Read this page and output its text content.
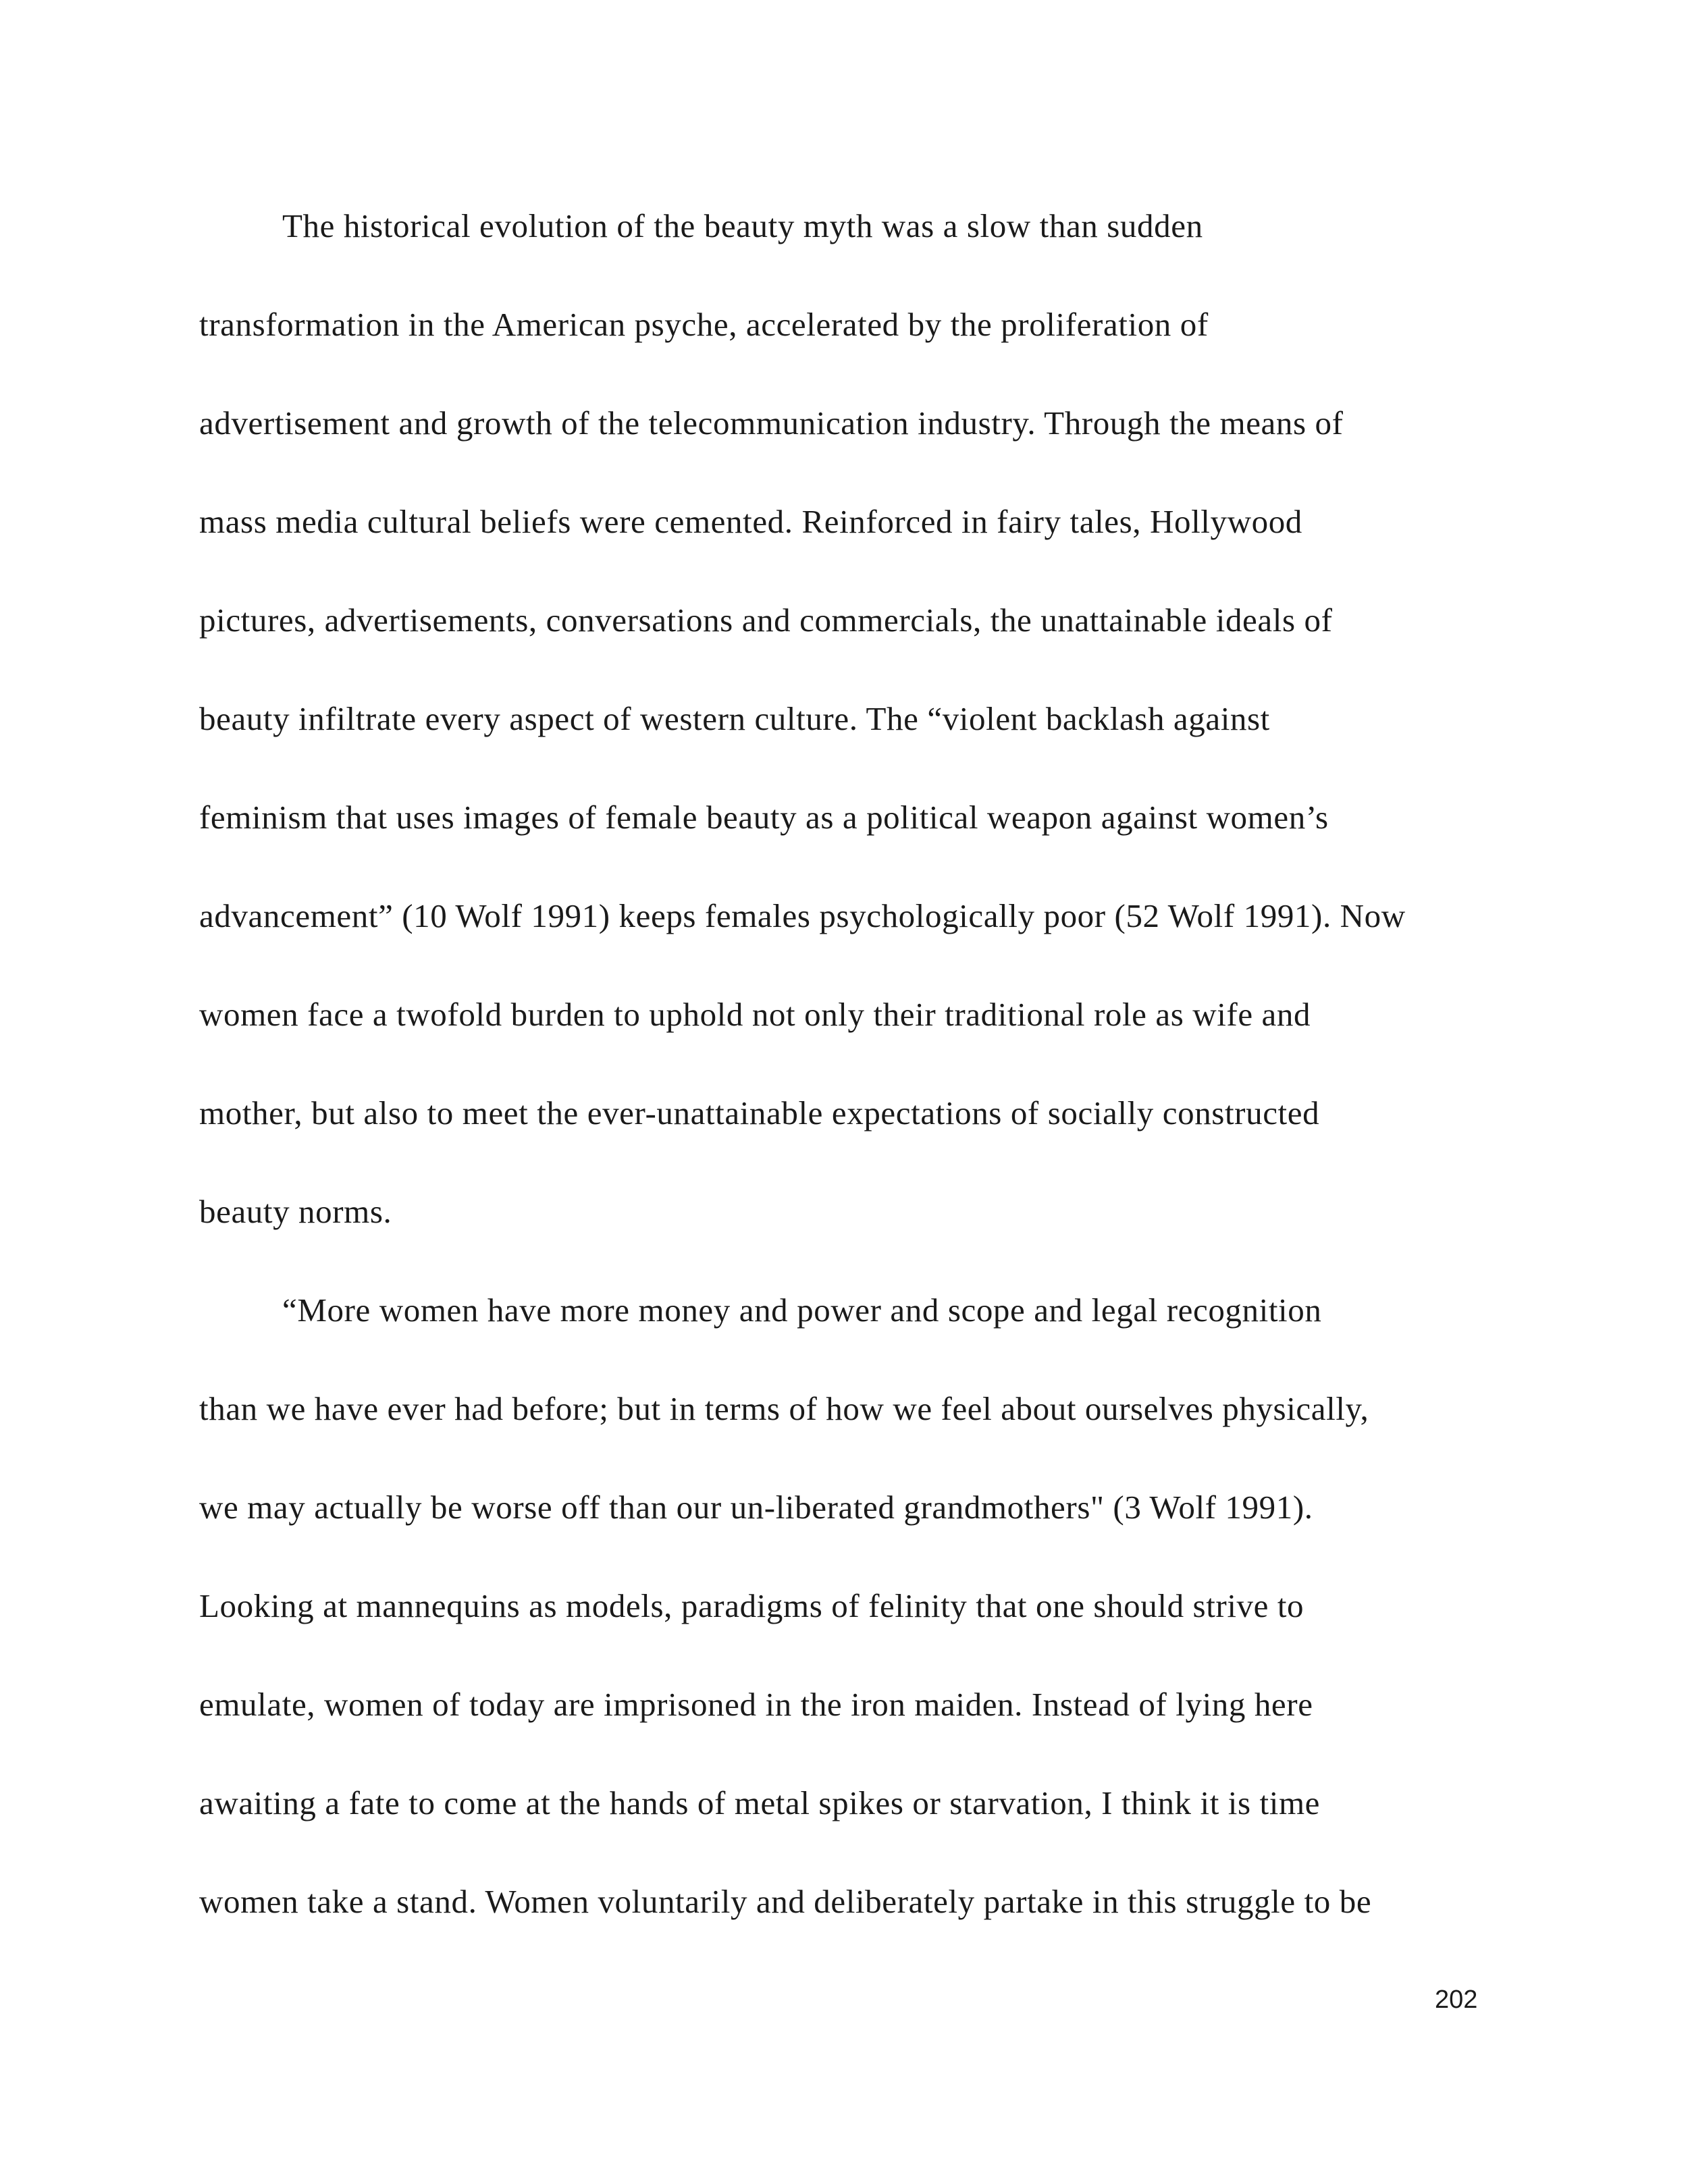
The historical evolution of the beauty myth was a slow than sudden
transformation in the American psyche, accelerated by the proliferation of
advertisement and growth of the telecommunication industry. Through the means of
mass media cultural beliefs were cemented. Reinforced in fairy tales, Hollywood
pictures, advertisements, conversations and commercials, the unattainable ideals of
beauty infiltrate every aspect of western culture. The “violent backlash against
feminism that uses images of female beauty as a political weapon against women’s
advancement” (10 Wolf 1991) keeps females psychologically poor (52 Wolf 1991). Now
women face a twofold burden to uphold not only their traditional role as wife and
mother, but also to meet the ever-unattainable expectations of socially constructed
beauty norms.
“More women have more money and power and scope and legal recognition
than we have ever had before; but in terms of how we feel about ourselves physically,
we may actually be worse off than our un-liberated grandmothers" (3 Wolf 1991).
Looking at mannequins as models, paradigms of felinity that one should strive to
emulate, women of today are imprisoned in the iron maiden. Instead of lying here
awaiting a fate to come at the hands of metal spikes or starvation, I think it is time
women take a stand. Women voluntarily and deliberately partake in this struggle to be
202
